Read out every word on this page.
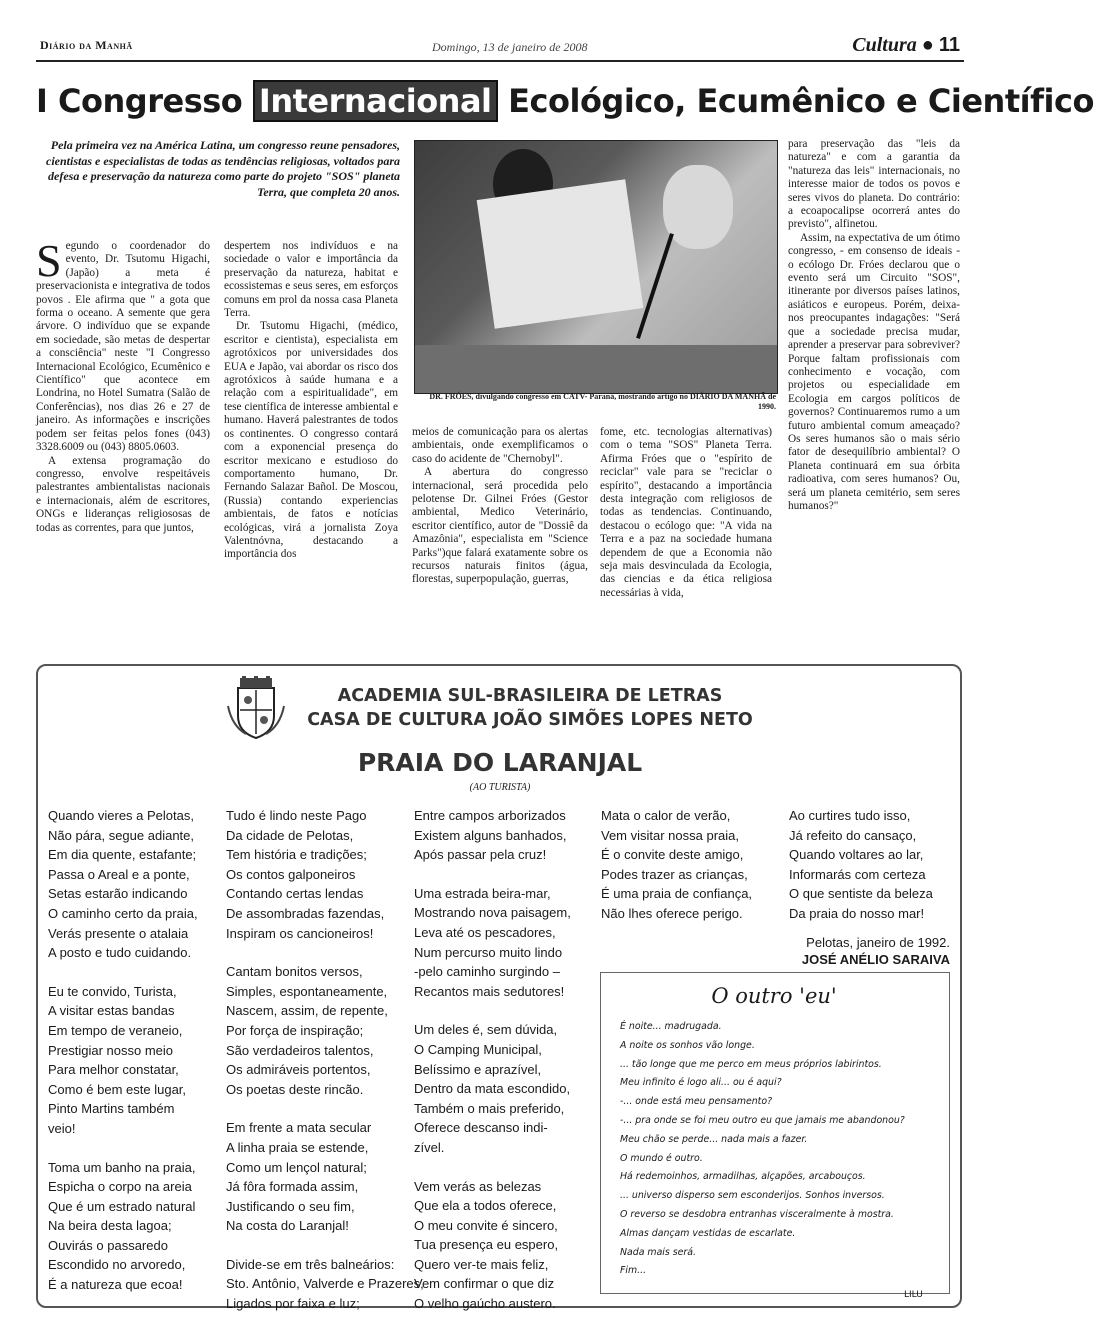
Diário da Manhã	Domingo, 13 de janeiro de 2008	Cultura ● 11
I Congresso Internacional Ecológico, Ecumênico e Científico
Pela primeira vez na América Latina, um congresso reune pensadores, cientistas e especialistas de todas as tendências religiosas, voltados para defesa e preservação da natureza como parte do projeto "SOS" planeta Terra, que completa 20 anos.

Segundo o coordenador do evento, Dr. Tsutomu Higachi, (Japão) a meta é preservacionista e integrativa de todos povos . Ele afirma que " a gota que forma o oceano. A semente que gera árvore. O indivíduo que se expande em sociedade, são metas de despertar a consciência" neste "I Congresso Internacional Ecológico, Ecumênico e Científico" que acontece em Londrina, no Hotel Sumatra (Salão de Conferências), nos dias 26 e 27 de janeiro. As informações e inscrições podem ser feitas pelos fones (043) 3328.6009 ou (043) 8805.0603.

A extensa programação do congresso, envolve respeitáveis palestrantes ambientalistas nacionais e internacionais, além de escritores, ONGs e lideranças religiososas de todas as correntes, para que juntos,

despertem nos indivíduos e na sociedade o valor e importância da preservação da natureza, habitat e ecossistemas e seus seres, em esforços comuns em prol da nossa casa Planeta Terra.

Dr. Tsutomu Higachi, (médico, escritor e cientista), especialista em agrotóxicos por universidades dos EUA e Japão, vai abordar os risco dos agrotóxicos à saúde humana e a relação com a espiritualidade", em tese científica de interesse ambiental e humano. Haverá palestrantes de todos os continentes. O congresso contará com a exponencial presença do escritor mexicano e estudioso do comportamento humano, Dr. Fernando Salazar Bañol. De Moscou, (Russia) contando experiencias ambientais, de fatos e notícias ecológicas, virá a jornalista Zoya Valentnóvna, destacando a importância dos

DR. FRÓES, divulgando congresso em CATV- Paraná, mostrando artigo no DIÁRIO DA MANHÃ de 1990.

meios de comunicação para os alertas ambientais, onde exemplificamos o caso do acidente de "Chernobyl".

A abertura do congresso internacional, será procedida pelo pelotense Dr. Gilnei Fróes (Gestor ambiental, Medico Veterinário, escritor científico, autor de "Dossiê da Amazônia", especialista em "Science Parks")que falará exatamente sobre os recursos naturais finitos (água, florestas, superpopulação, guerras,

fome, etc. tecnologias alternativas) com o tema "SOS" Planeta Terra. Afirma Fróes que o "espírito de reciclar" vale para se "reciclar o espírito", destacando a importância desta integração com religiosos de todas as tendencias. Continuando, destacou o ecólogo que: "A vida na Terra e a paz na sociedade humana dependem de que a Economia não seja mais desvinculada da Ecologia, das ciencias e da ética religiosa necessárias à vida,

para preservação das "leis da natureza" e com a garantia da "natureza das leis" internacionais, no interesse maior de todos os povos e seres vivos do planeta. Do contrário: a ecoapocalipse ocorrerá antes do previsto", alfinetou.

Assim, na expectativa de um ótimo congresso, - em consenso de ideais - o ecólogo Dr. Fróes declarou que o evento será um Circuito "SOS", itinerante por diversos países latinos, asiáticos e europeus. Porém, deixa-nos preocupantes indagações: "Será que a sociedade precisa mudar, aprender a preservar para sobreviver? Porque faltam profissionais com conhecimento e vocação, com projetos ou especialidade em Ecologia em cargos políticos de governos? Continuaremos rumo a um futuro ambiental comum ameaçado? Os seres humanos são o mais sério fator de desequilíbrio ambiental? O Planeta continuará em sua órbita radioativa, com seres humanos? Ou, será um planeta cemitério, sem seres humanos?"

ACADEMIA SUL-BRASILEIRA DE LETRAS
CASA DE CULTURA JOÃO SIMÕES LOPES NETO
PRAIA DO LARANJAL
(AO TURISTA)
Quando vieres a Pelotas,
Não pára, segue adiante,
Em dia quente, estafante;
Passa o Areal e a ponte,
Setas estarão indicando
O caminho certo da praia,
Verás presente o atalaia
A posto e tudo cuidando.
Eu te convido, Turista,
A visitar estas bandas
Em tempo de veraneio,
Prestigiar nosso meio
Para melhor constatar,
Como é bem este lugar,
Pinto Martins também
veio!
Toma um banho na praia,
Espicha o corpo na areia
Que é um estrado natural
Na beira desta lagoa;
Ouvirás o passaredo
Escondido no arvoredo,
É a natureza que ecoa!
Tudo é lindo neste Pago
Da cidade de Pelotas,
Tem história e tradições;
Os contos galponeiros
Contando certas lendas
De assombradas fazendas,
Inspiram os cancioneiros!
Cantam bonitos versos,
Simples, espontaneamente,
Nascem, assim, de repente,
Por força de inspiração;
São verdadeiros talentos,
Os admiráveis portentos,
Os poetas deste rincão.
Em frente a mata secular
A linha praia se estende,
Como um lençol natural;
Já fôra formada assim,
Justificando o seu fim,
Na costa do Laranjal!
Divide-se em três balneários:
Sto. Antônio, Valverde e Prazeres,
Ligados por faixa e luz;
Entre campos arborizados
Existem alguns banhados,
Após passar pela cruz!
Uma estrada beira-mar,
Mostrando nova paisagem,
Leva até os pescadores,
Num percurso muito lindo
-pelo caminho surgindo –
Recantos mais sedutores!
Um deles é, sem dúvida,
O Camping Municipal,
Belíssimo e aprazível,
Dentro da mata escondido,
Também o mais preferido,
Oferece descanso indi-
zível.
Vem verás as belezas
Que ela a todos oferece,
O meu convite é sincero,
Tua presença eu espero,
Quero ver-te mais feliz,
Vem confirmar o que diz
O velho gaúcho austero.
Mata o calor de verão,
Vem visitar nossa praia,
É o convite deste amigo,
Podes trazer as crianças,
É uma praia de confiança,
Não lhes oferece perigo.
Ao curtires tudo isso,
Já refeito do cansaço,
Quando voltares ao lar,
Informarás com certeza
O que sentiste da beleza
Da praia do nosso mar!
Pelotas, janeiro de 1992.
JOSÉ ANÉLIO SARAIVA
O outro 'eu'
É noite... madrugada.
A noite os sonhos vão longe.
... tão longe que me perco em meus próprios labirintos.
Meu infinito é logo ali... ou é aqui?
-... onde está meu pensamento?
-... pra onde se foi meu outro eu que jamais me abandonou?
Meu chão se perde... nada mais a fazer.
O mundo é outro.
Há redemoinhos, armadilhas, alçapões, arcabouços.
... universo disperso sem esconderijos. Sonhos inversos.
O reverso se desdobra entranhas visceralmente à mostra.
Almas dançam vestidas de escarlate.
Nada mais será.
Fim...
LILU
